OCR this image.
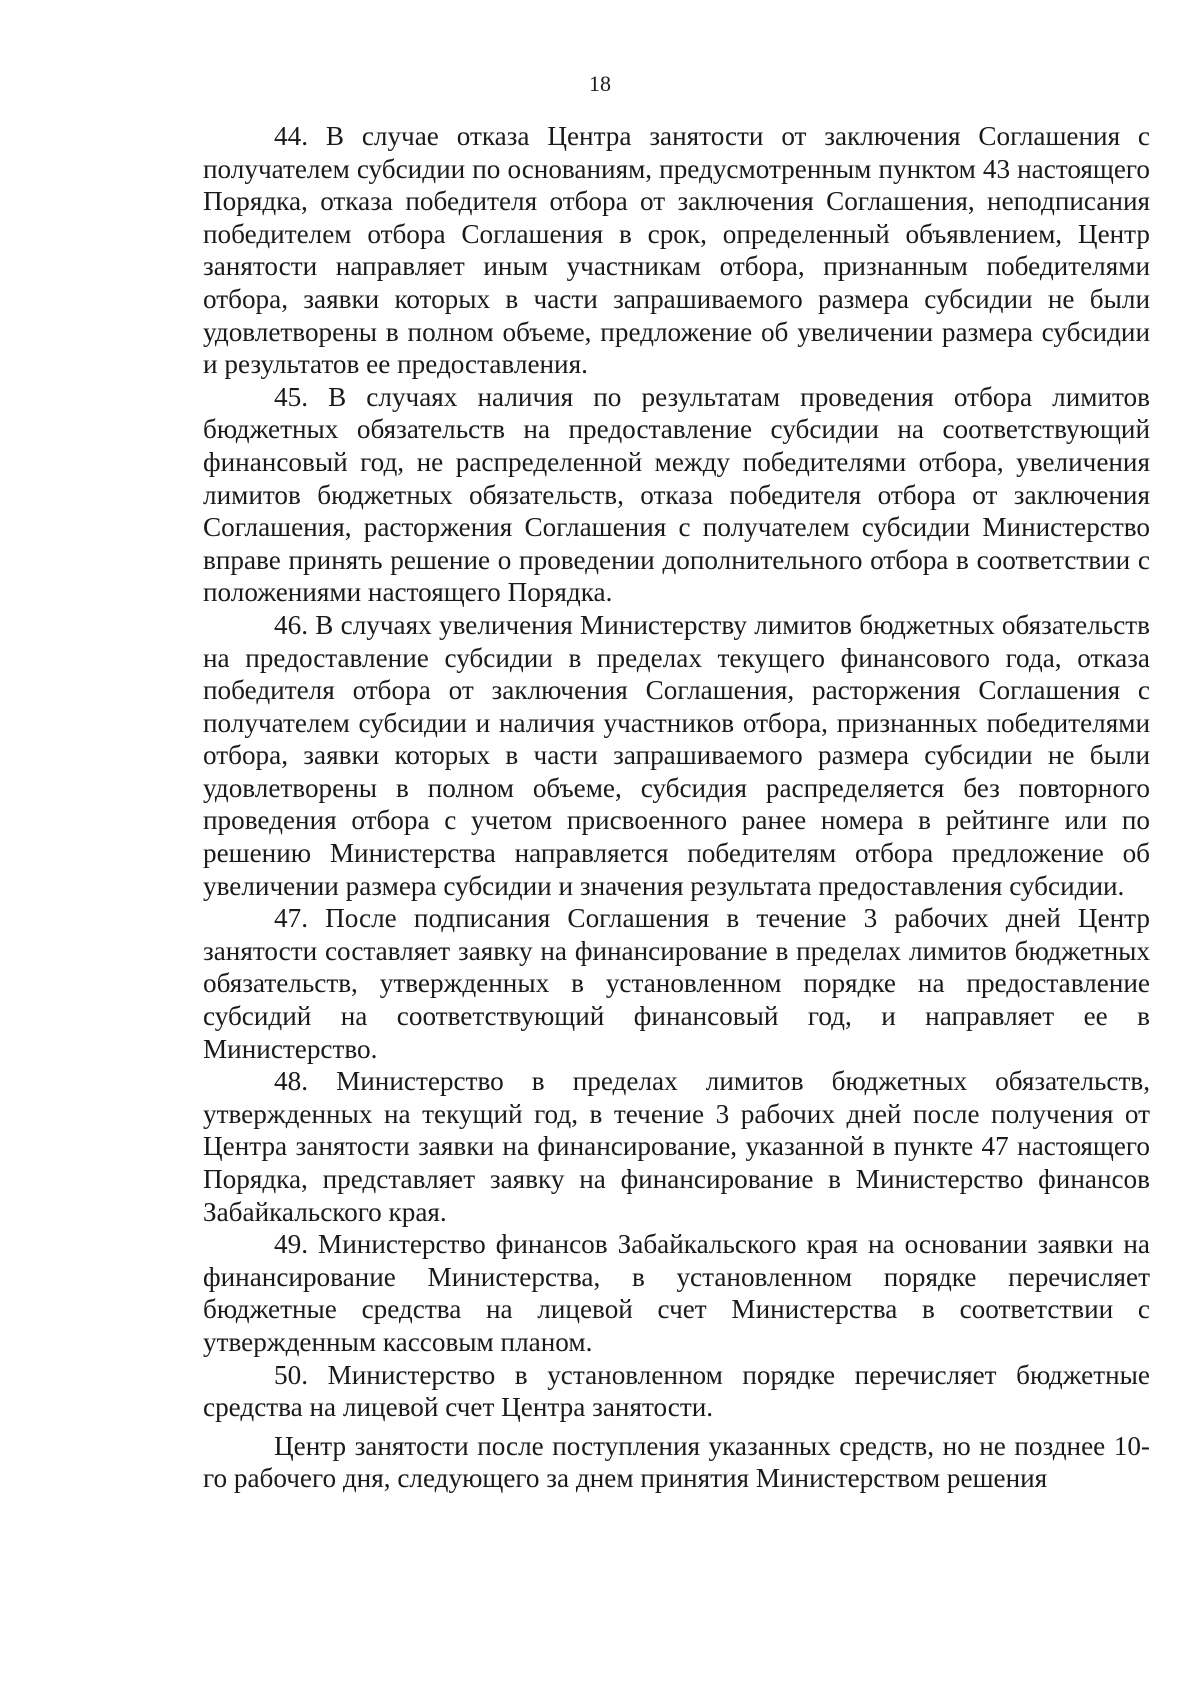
18

44. В случае отказа Центра занятости от заключения Соглашения с получателем субсидии по основаниям, предусмотренным пунктом 43 настоящего Порядка, отказа победителя отбора от заключения Соглашения, неподписания победителем отбора Соглашения в срок, определенный объявлением, Центр занятости направляет иным участникам отбора, признанным победителями отбора, заявки которых в части запрашиваемого размера субсидии не были удовлетворены в полном объеме, предложение об увеличении размера субсидии и результатов ее предоставления.

45. В случаях наличия по результатам проведения отбора лимитов бюджетных обязательств на предоставление субсидии на соответствующий финансовый год, не распределенной между победителями отбора, увеличения лимитов бюджетных обязательств, отказа победителя отбора от заключения Соглашения, расторжения Соглашения с получателем субсидии Министерство вправе принять решение о проведении дополнительного отбора в соответствии с положениями настоящего Порядка.

46. В случаях увеличения Министерству лимитов бюджетных обязательств на предоставление субсидии в пределах текущего финансового года, отказа победителя отбора от заключения Соглашения, расторжения Соглашения с получателем субсидии и наличия участников отбора, признанных победителями отбора, заявки которых в части запрашиваемого размера субсидии не были удовлетворены в полном объеме, субсидия распределяется без повторного проведения отбора с учетом присвоенного ранее номера в рейтинге или по решению Министерства направляется победителям отбора предложение об увеличении размера субсидии и значения результата предоставления субсидии.

47. После подписания Соглашения в течение 3 рабочих дней Центр занятости составляет заявку на финансирование в пределах лимитов бюджетных обязательств, утвержденных в установленном порядке на предоставление субсидий на соответствующий финансовый год, и направляет ее в Министерство.

48. Министерство в пределах лимитов бюджетных обязательств, утвержденных на текущий год, в течение 3 рабочих дней после получения от Центра занятости заявки на финансирование, указанной в пункте 47 настоящего Порядка, представляет заявку на финансирование в Министерство финансов Забайкальского края.

49. Министерство финансов Забайкальского края на основании заявки на финансирование Министерства, в установленном порядке перечисляет бюджетные средства на лицевой счет Министерства в соответствии с утвержденным кассовым планом.

50. Министерство в установленном порядке перечисляет бюджетные средства на лицевой счет Центра занятости.

Центр занятости после поступления указанных средств, но не позднее 10-го рабочего дня, следующего за днем принятия Министерством решения
